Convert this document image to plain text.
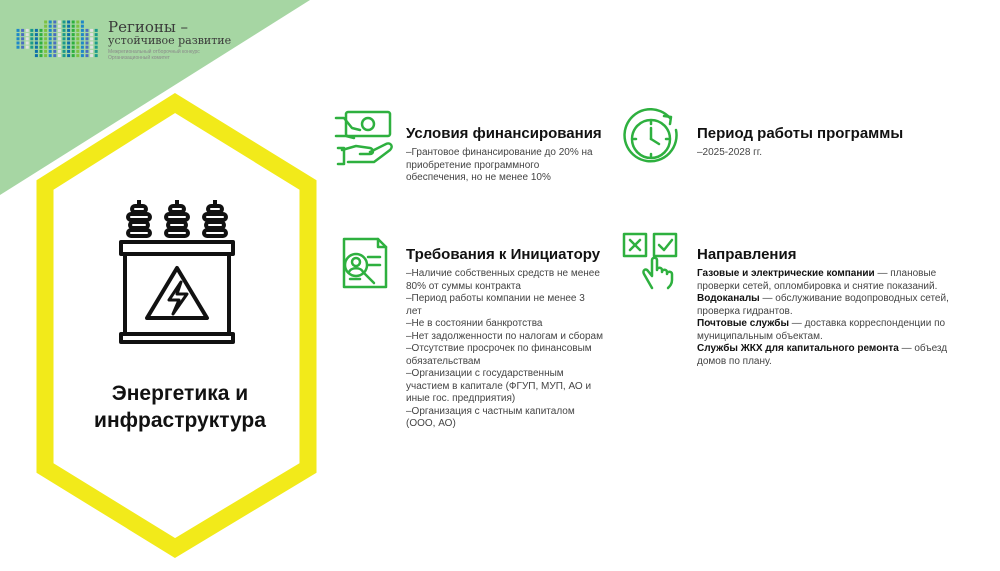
Регионы –
устойчивое развитие
Межрегиональный отборочный конкурс Организационный комитет
Энергетика и
инфраструктура
Условия финансирования
–Грантовое финансирование до 20% на
приобретение программного
обеспечения, но не менее 10%
Период работы программы
–2025-2028 гг.
Требования к Инициатору
–Наличие собственных средств не менее
80% от суммы контракта
–Период работы компании не менее 3
лет
–Не в состоянии банкротства
–Нет задолженности по налогам и сборам
–Отсутствие просрочек по финансовым
обязательствам
–Организации с государственным
участием в капитале (ФГУП, МУП, АО и
иные гос. предприятия)
–Организация с частным капиталом
(ООО, АО)
Направления
Газовые и электрические компании — плановые
проверки сетей, опломбировка и снятие показаний.
Водоканалы — обслуживание водопроводных сетей,
проверка гидрантов.
Почтовые службы — доставка корреспонденции по
муниципальным объектам.
Службы ЖКХ для капитального ремонта — объезд
домов по плану.
